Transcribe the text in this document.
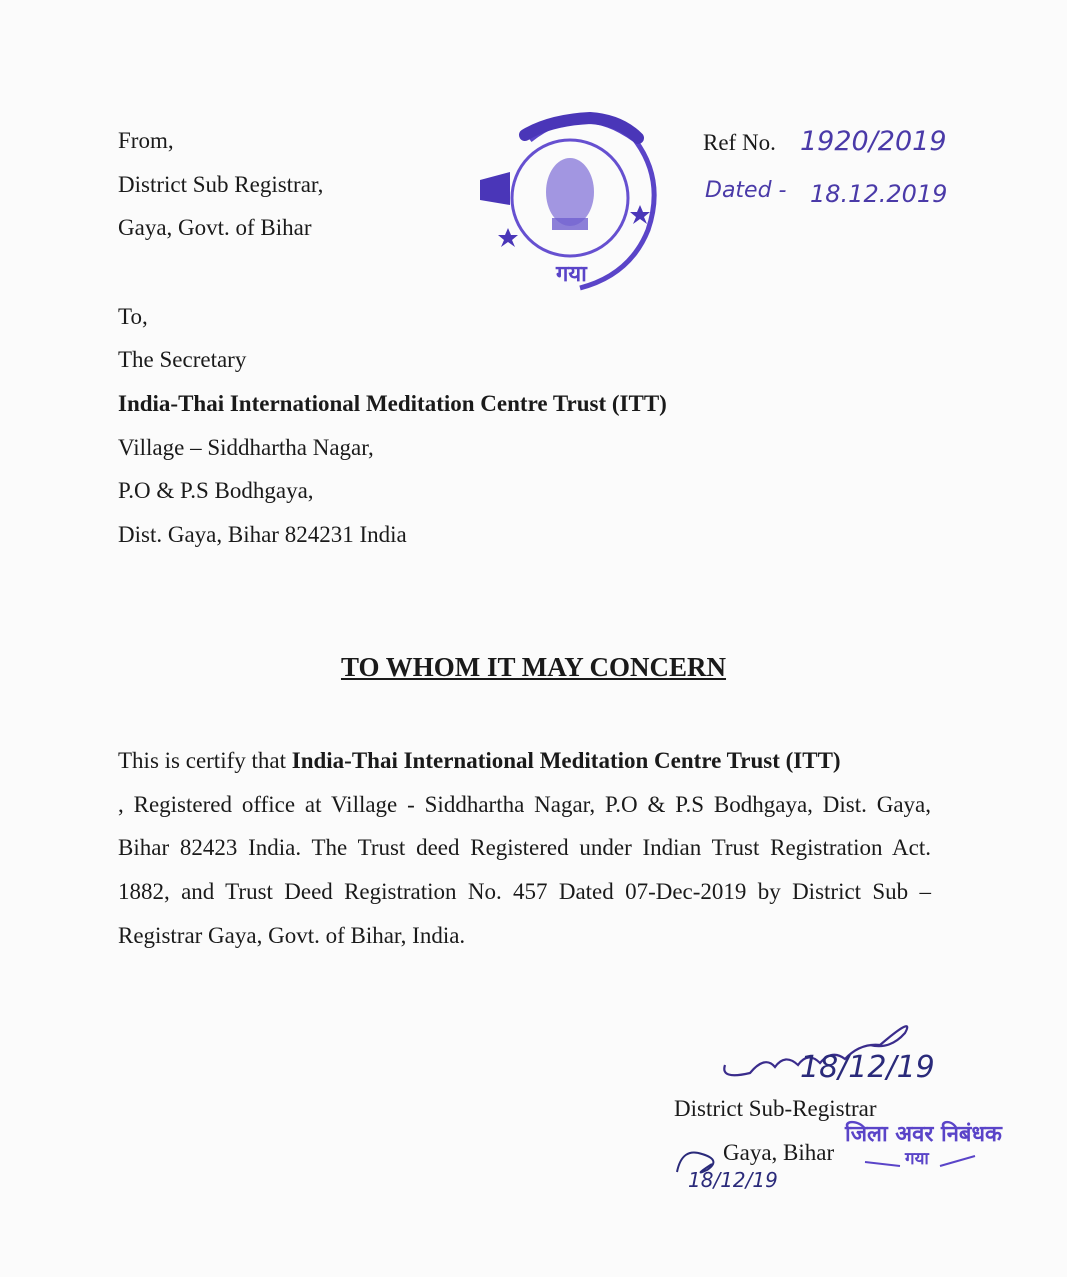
From,
District Sub Registrar,
Gaya, Govt. of Bihar
गया
Ref No. 1920/2019
Dated - 18.12.2019
To,
The Secretary
India-Thai International Meditation Centre Trust (ITT)
Village – Siddhartha Nagar,
P.O & P.S Bodhgaya,
Dist. Gaya, Bihar 824231 India
TO WHOM IT MAY CONCERN
This is certify that India-Thai International Meditation Centre Trust (ITT)
, Registered office at Village - Siddhartha Nagar, P.O & P.S Bodhgaya, Dist. Gaya, Bihar 82423 India. The Trust deed Registered under Indian Trust Registration Act. 1882, and Trust Deed Registration No. 457 Dated 07-Dec-2019 by District Sub – Registrar Gaya, Govt. of Bihar, India.
18/12/19
District Sub-Registrar
Gaya, Bihar
जिला अवर निबंधक
गया
18/12/19
